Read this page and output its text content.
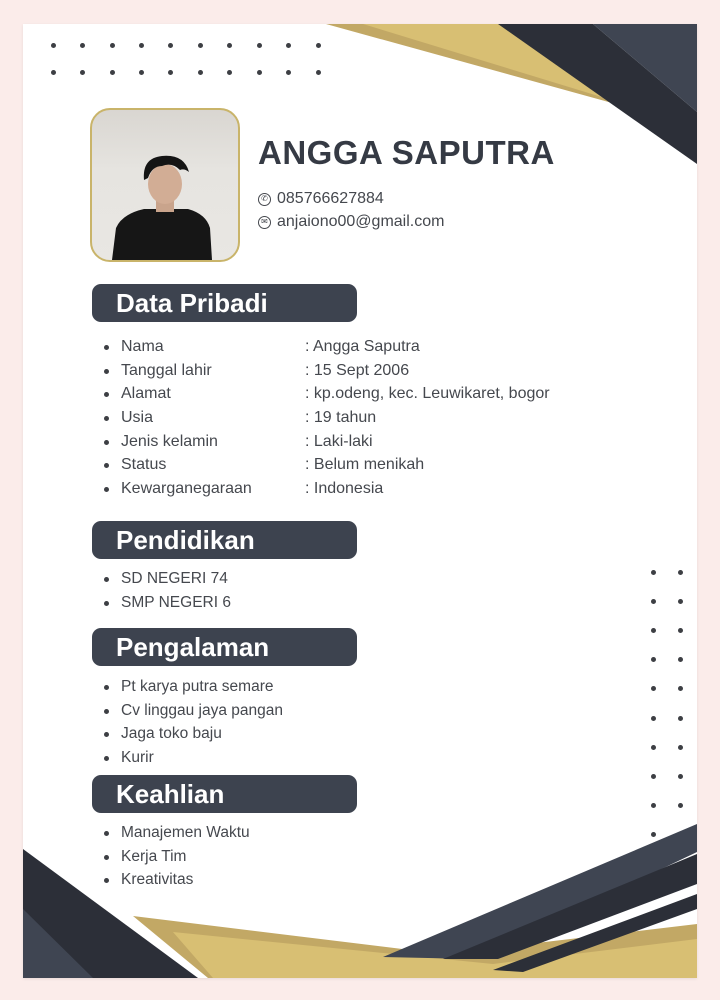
ANGGA SAPUTRA
✆ 085766627884
✉ anjaiono00@gmail.com
Data Pribadi
Nama	: Angga Saputra
Tanggal lahir	: 15 Sept 2006
Alamat	: kp.odeng, kec. Leuwikaret, bogor
Usia	: 19 tahun
Jenis kelamin	: Laki-laki
Status	: Belum menikah
Kewarganegaraan	: Indonesia
Pendidikan
SD NEGERI 74
SMP NEGERI 6
Pengalaman
Pt karya putra semare
Cv linggau jaya pangan
Jaga toko baju
Kurir
Keahlian
Manajemen Waktu
Kerja Tim
Kreativitas
